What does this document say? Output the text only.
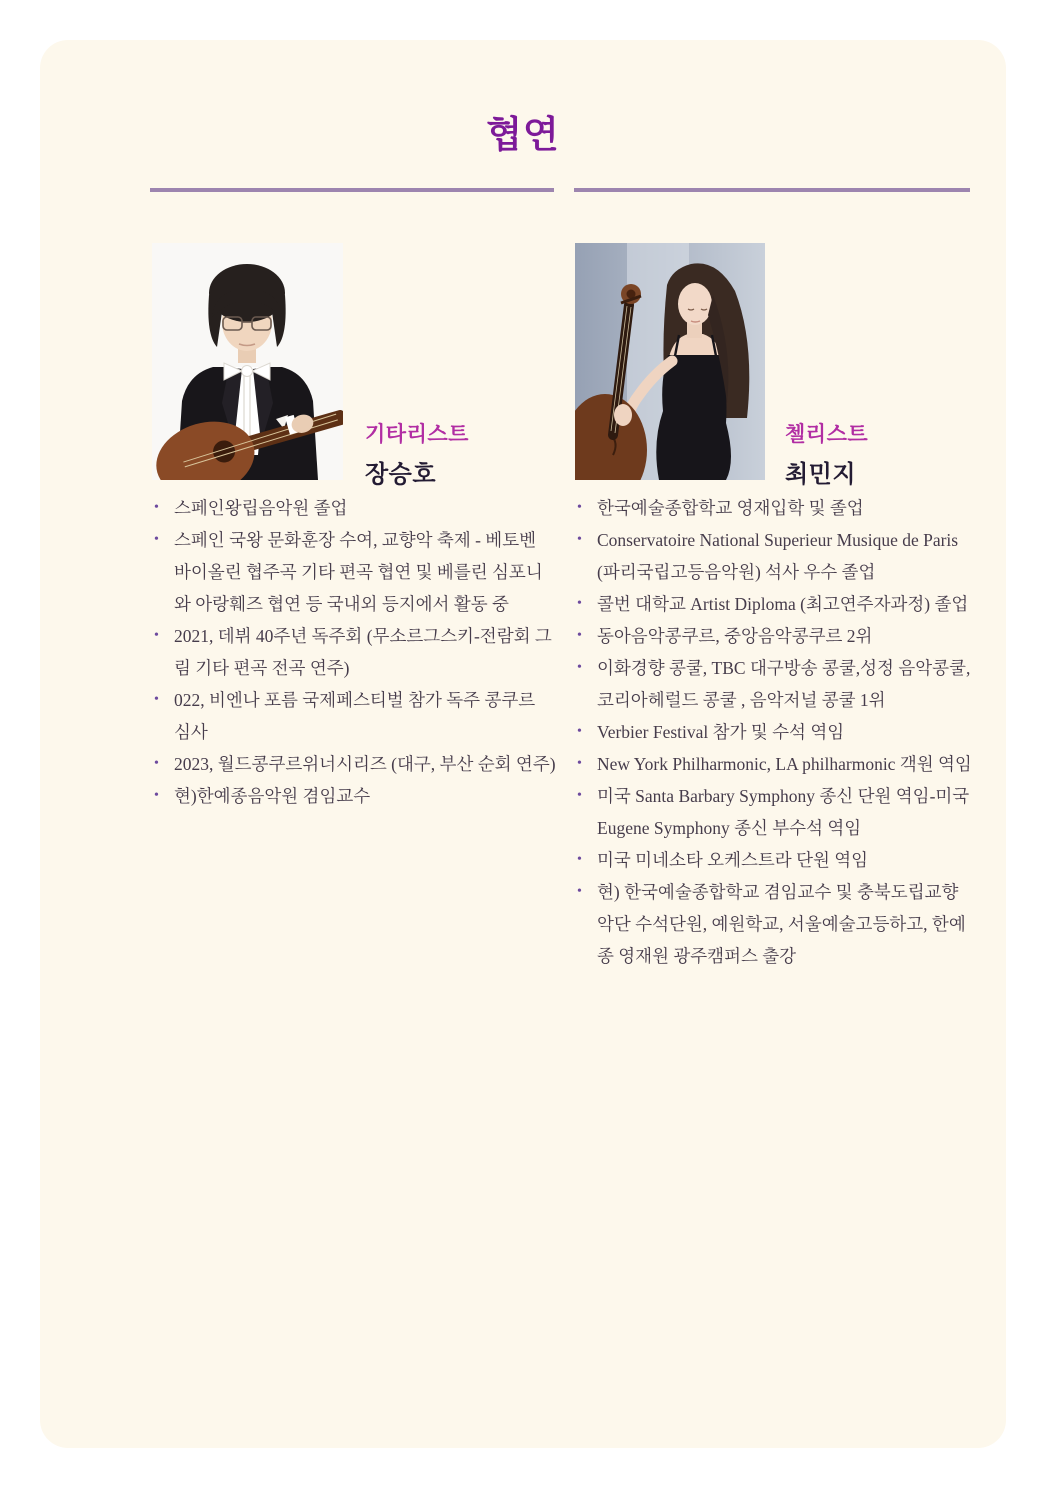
협연
기타리스트
장승호
첼리스트
최민지
• 스페인왕립음악원 졸업
• 스페인 국왕 문화훈장 수여, 교향악 축제 - 베토벤 바이올린 협주곡 기타 편곡 협연 및 베를린 심포니와 아랑훼즈 협연 등 국내외 등지에서 활동 중
• 2021, 데뷔 40주년 독주회 (무소르그스키-전람회 그림 기타 편곡 전곡 연주)
• 022, 비엔나 포름 국제페스티벌 참가 독주 콩쿠르 심사
• 2023, 월드콩쿠르위너시리즈 (대구, 부산 순회 연주)
• 현)한예종음악원 겸임교수
• 한국예술종합학교 영재입학 및 졸업
• Conservatoire National Superieur Musique de Paris (파리국립고등음악원) 석사 우수 졸업
• 콜번 대학교 Artist Diploma (최고연주자과정) 졸업
• 동아음악콩쿠르, 중앙음악콩쿠르 2위
• 이화경향 콩쿨, TBC 대구방송 콩쿨,성정 음악콩쿨, 코리아헤럴드 콩쿨 , 음악저널 콩쿨 1위
• Verbier Festival 참가 및 수석 역임
• New York Philharmonic, LA philharmonic 객원 역임
• 미국 Santa Barbary Symphony 종신 단원 역임-미국 Eugene Symphony 종신 부수석 역임
• 미국 미네소타 오케스트라 단원 역임
• 현) 한국예술종합학교 겸임교수 및 충북도립교향악단 수석단원, 예원학교, 서울예술고등하고, 한예종 영재원 광주캠퍼스 출강
